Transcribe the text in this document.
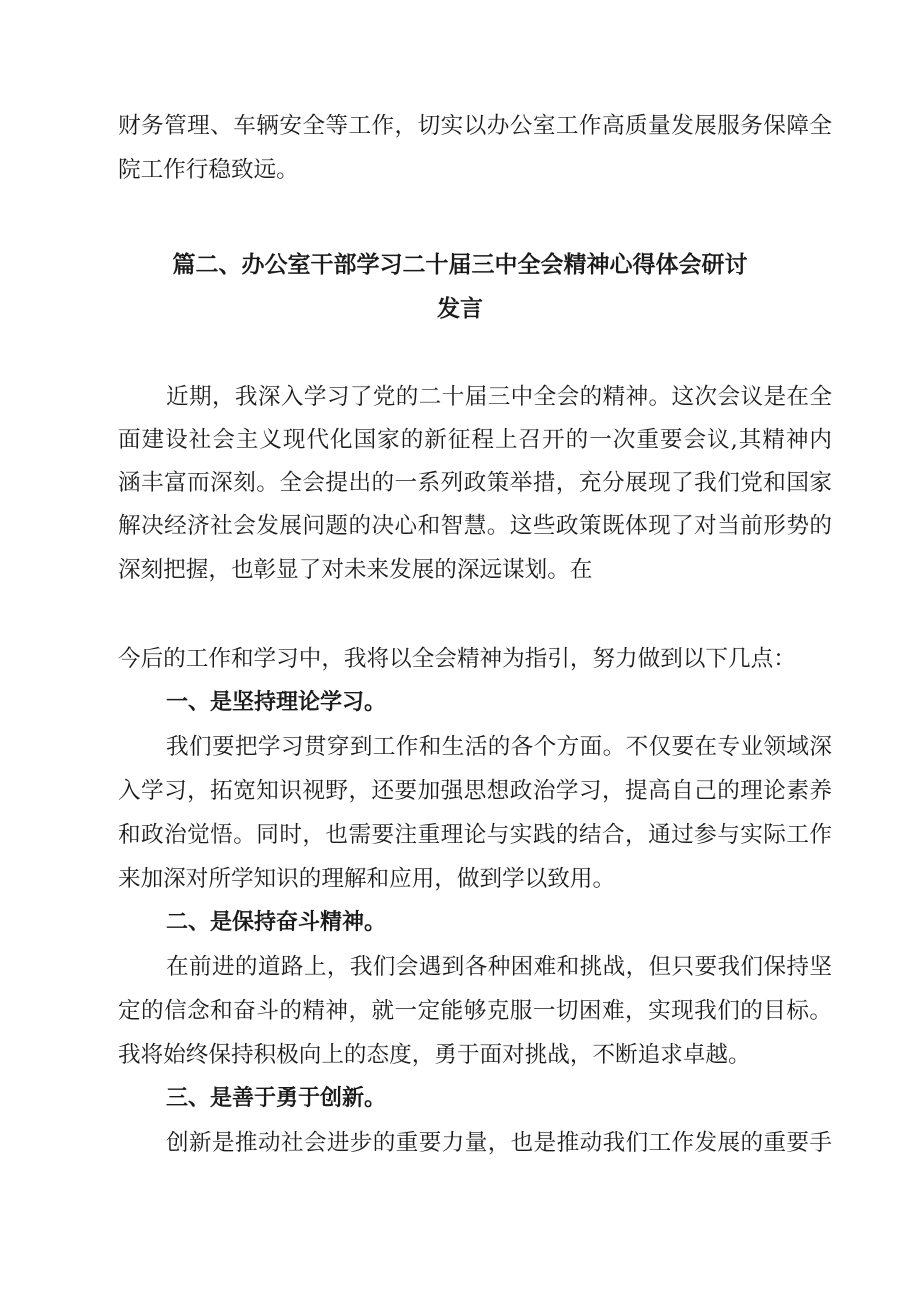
财务管理、车辆安全等工作，切实以办公室工作高质量发展服务保障全
院工作行稳致远。
篇二、办公室干部学习二十届三中全会精神心得体会研讨
发言
近期，我深入学习了党的二十届三中全会的精神。这次会议是在全
面建设社会主义现代化国家的新征程上召开的一次重要会议,其精神内
涵丰富而深刻。全会提出的一系列政策举措，充分展现了我们党和国家
解决经济社会发展问题的决心和智慧。这些政策既体现了对当前形势的
深刻把握，也彰显了对未来发展的深远谋划。在
今后的工作和学习中，我将以全会精神为指引，努力做到以下几点：
一、是坚持理论学习。
我们要把学习贯穿到工作和生活的各个方面。不仅要在专业领域深
入学习，拓宽知识视野，还要加强思想政治学习，提高自己的理论素养
和政治觉悟。同时，也需要注重理论与实践的结合，通过参与实际工作
来加深对所学知识的理解和应用，做到学以致用。
二、是保持奋斗精神。
在前进的道路上，我们会遇到各种困难和挑战，但只要我们保持坚
定的信念和奋斗的精神，就一定能够克服一切困难，实现我们的目标。
我将始终保持积极向上的态度，勇于面对挑战，不断追求卓越。
三、是善于勇于创新。
创新是推动社会进步的重要力量，也是推动我们工作发展的重要手
